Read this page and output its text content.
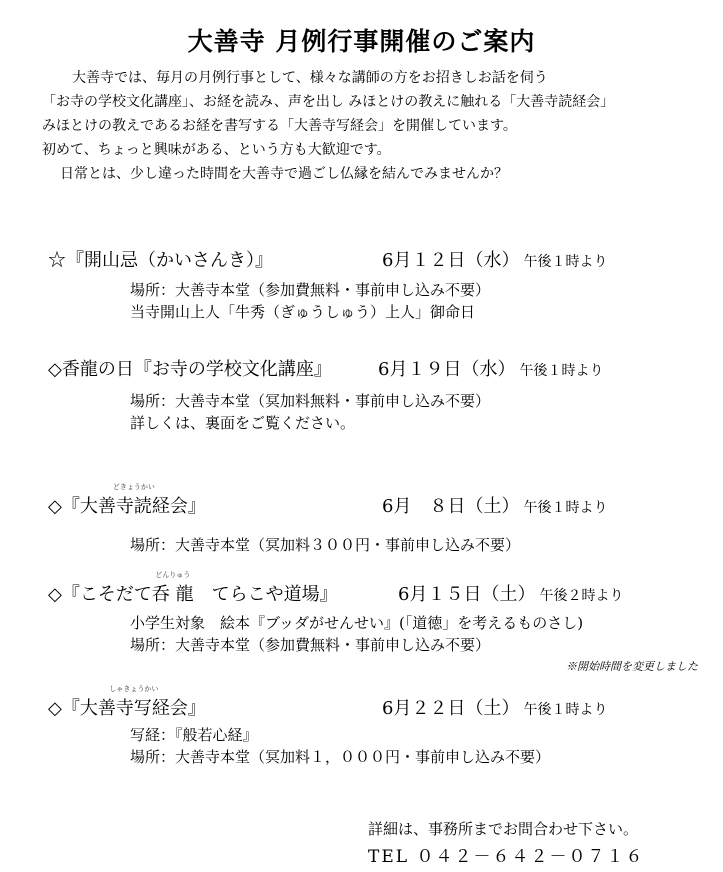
大善寺 月例行事開催のご案内

大善寺では、毎月の月例行事として、様々な講師の方をお招きしお話を伺う

「お寺の学校文化講座」、お経を読み、声を出し みほとけの教えに触れる「大善寺読経会」

みほとけの教えであるお経を書写する「大善寺写経会」を開催しています。

初めて、ちょっと興味がある、という方も大歓迎です。

日常とは、少し違った時間を大善寺で過ごし仏縁を結んでみませんか？

☆『開山忌（かいさんき）』	6月１２日（水） 午後１時より
場所：大善寺本堂（参加費無料・事前申し込み不要）
当寺開山上人「牛秀（ぎゅうしゅう）上人」御命日
◇香龍の日『お寺の学校文化講座』	6月１９日（水） 午後１時より
場所：大善寺本堂（冥加料無料・事前申し込み不要）
詳しくは、裏面をご覧ください。
◇『
どきょうかい
大善寺読経会』	6月　８日（土） 午後１時より
場所：大善寺本堂（冥加料３００円・事前申し込み不要）
◇『こそだて
どんりゅう
呑 龍　てらこや道場』	6月１５日（土） 午後２時より
小学生対象　絵本『ブッダがせんせい』(「道徳」を考えるものさし)
場所：大善寺本堂（参加費無料・事前申し込み不要）
※開始時間を変更しました
◇『
しゃきょうかい
大善寺写経会』	6月２２日（土） 午後１時より
写経：『般若心経』
場所：大善寺本堂（冥加料１，０００円・事前申し込み不要）

詳細は、事務所までお問合わせ下さい。

TEL ０４２－６４２－０７１６
